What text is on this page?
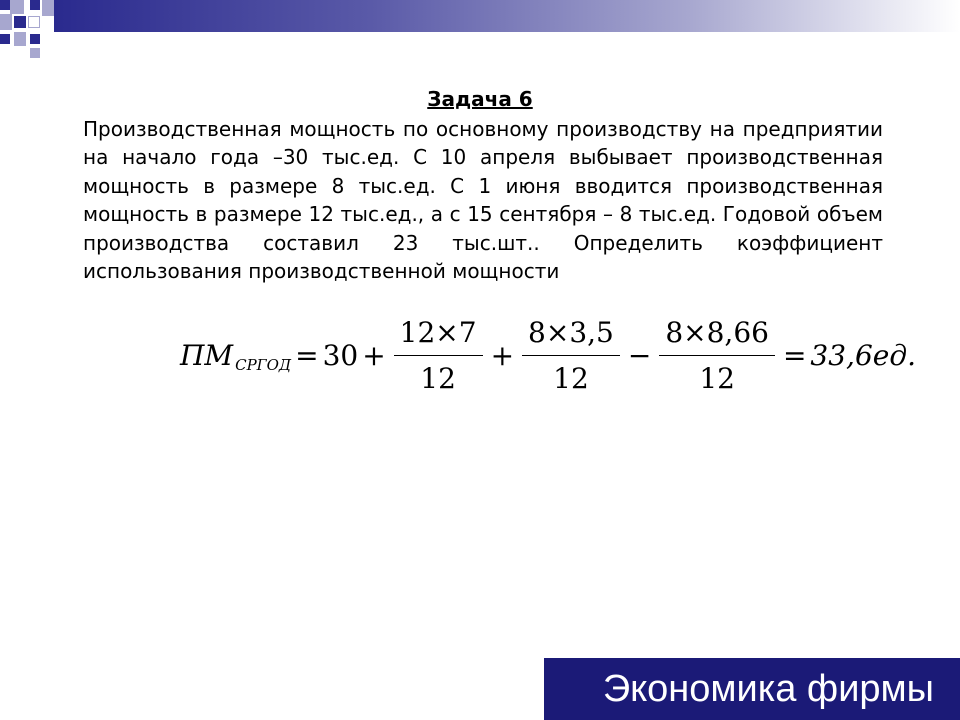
Задача 6
Производственная мощность по основному производству на предприятии на начало года –30 тыс.ед. С 10 апреля выбывает производственная мощность в размере 8 тыс.ед. С 1 июня вводится производственная мощность в размере 12 тыс.ед., а с 15 сентября – 8 тыс.ед. Годовой объем производства составил 23 тыс.шт.. Определить коэффициент использования производственной мощности
ПМ СРГОД = $30 + \frac{12\times 7}{12} + \frac{8\times 3,5}{12} - \frac{8\times 8,66}{12} = 33,6ед$.
Экономика фирмы
